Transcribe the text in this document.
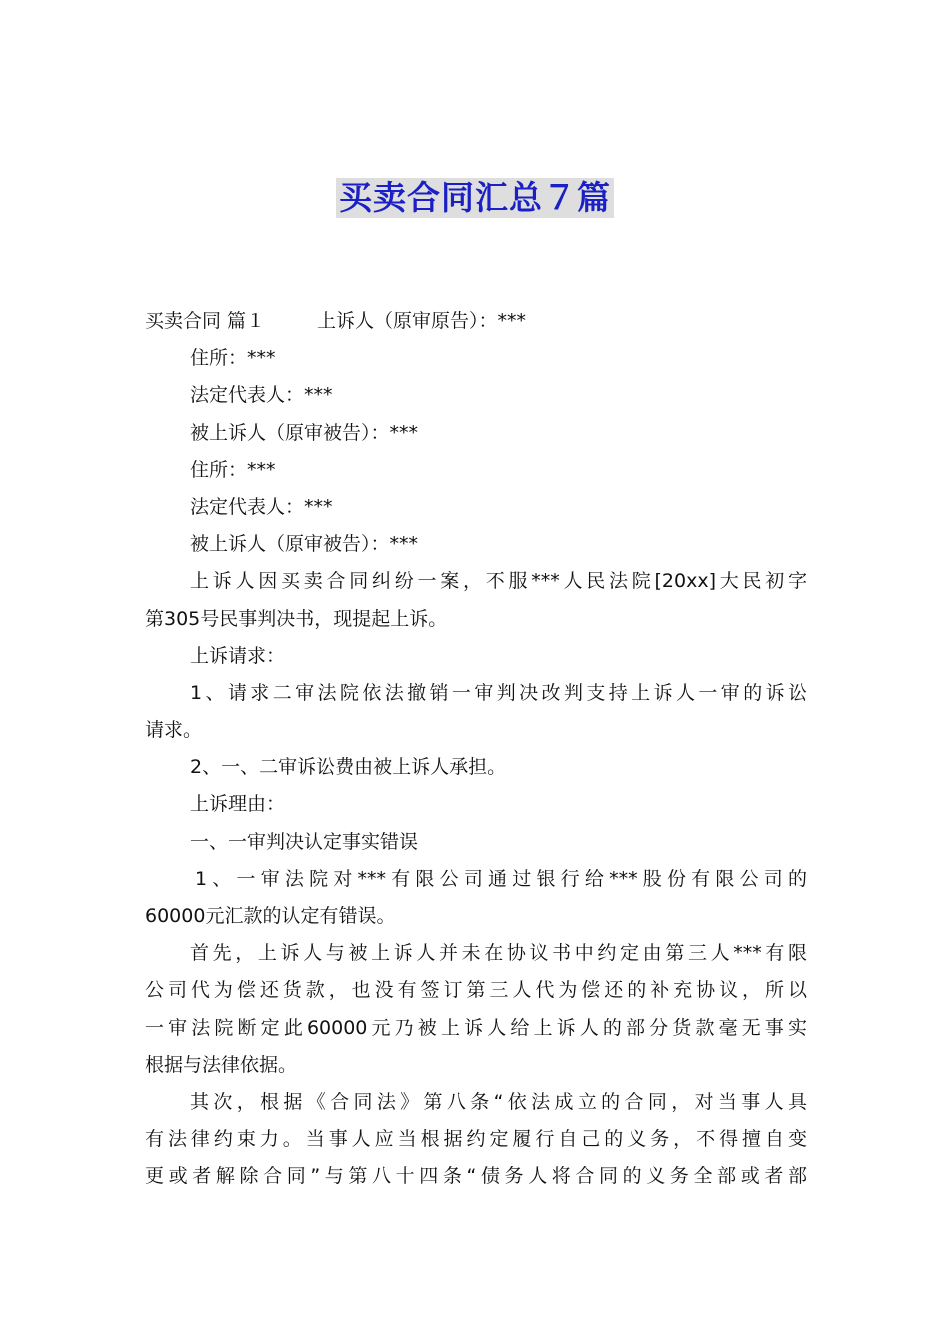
买卖合同汇总７篇
买卖合同 篇１	上诉人（原审原告）：***
住所：***
法定代表人：***
被上诉人（原审被告）：***
住所：***
法定代表人：***
被上诉人（原审被告）：***
上诉人因买卖合同纠纷一案，不服***人民法院[20xx]大民初字
第305号民事判决书，现提起上诉。
上诉请求：
1、请求二审法院依法撤销一审判决改判支持上诉人一审的诉讼
请求。
2、一、二审诉讼费由被上诉人承担。
上诉理由：
一、一审判决认定事实错误
1、一审法院对***有限公司通过银行给***股份有限公司的
60000元汇款的认定有错误。
首先，上诉人与被上诉人并未在协议书中约定由第三人***有限
公司代为偿还货款，也没有签订第三人代为偿还的补充协议，所以
一审法院断定此60000元乃被上诉人给上诉人的部分货款毫无事实
根据与法律依据。
其次，根据《合同法》第八条“依法成立的合同，对当事人具
有法律约束力。当事人应当根据约定履行自己的义务，不得擅自变
更或者解除合同”与第八十四条“债务人将合同的义务全部或者部
